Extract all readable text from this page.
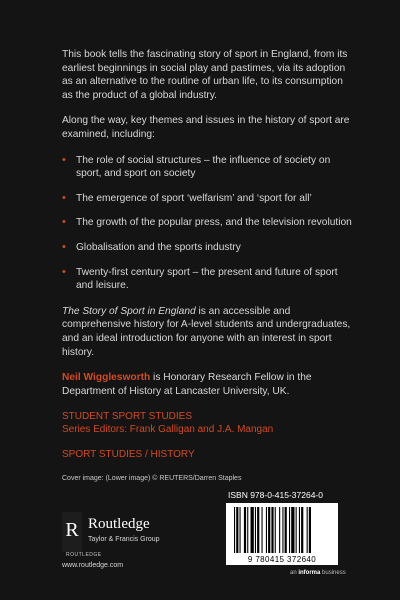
This book tells the fascinating story of sport in England, from its earliest beginnings in social play and pastimes, via its adoption as an alternative to the routine of urban life, to its consumption as the product of a global industry.

Along the way, key themes and issues in the history of sport are examined, including:

• The role of social structures – the influence of society on sport, and sport on society
• The emergence of sport ‘welfarism’ and ‘sport for all’
• The growth of the popular press, and the television revolution
• Globalisation and the sports industry
• Twenty-first century sport – the present and future of sport and leisure.

The Story of Sport in England is an accessible and comprehensive history for A-level students and undergraduates, and an ideal introduction for anyone with an interest in sport history.

Neil Wigglesworth is Honorary Research Fellow in the Department of History at Lancaster University, UK.

STUDENT SPORT STUDIES
Series Editors: Frank Galligan and J.A. Mangan
SPORT STUDIES / HISTORY
Cover image: (Lower image) © REUTERS/Darren Staples
R
ROUTLEDGE
Routledge
Taylor & Francis Group
www.routledge.com
ISBN 978-0-415-37264-0
9 780415 372640
an informa business
